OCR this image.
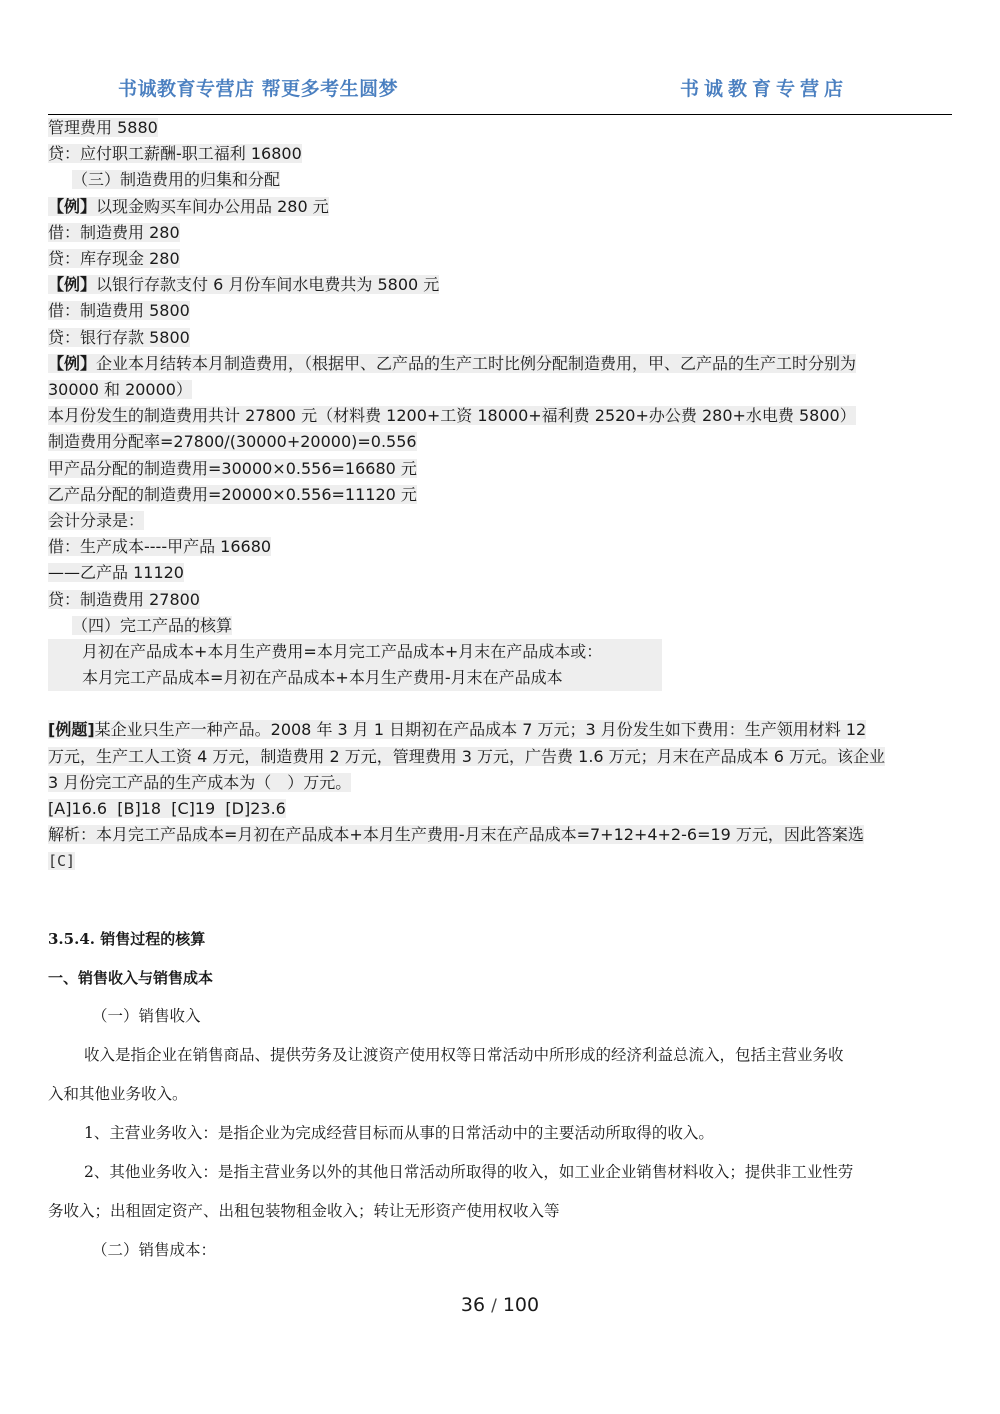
书诚教育专营店 帮更多考生圆梦	书诚教育专营店
管理费用 5880
贷：应付职工薪酬-职工福利 16800
（三）制造费用的归集和分配
【例】以现金购买车间办公用品 280 元
借：制造费用 280
贷：库存现金 280
【例】以银行存款支付 6 月份车间水电费共为 5800 元
借：制造费用 5800
贷：银行存款 5800
【例】企业本月结转本月制造费用，（根据甲、乙产品的生产工时比例分配制造费用，甲、乙产品的生产工时分别为
30000 和 20000）
本月份发生的制造费用共计 27800 元（材料费 1200+工资 18000+福利费 2520+办公费 280+水电费 5800）
制造费用分配率=27800/(30000+20000)=0.556
甲产品分配的制造费用=30000×0.556=16680 元
乙产品分配的制造费用=20000×0.556=11120 元
会计分录是：
借：生产成本----甲产品 16680
——乙产品 11120
贷：制造费用 27800
（四）完工产品的核算
月初在产品成本+本月生产费用=本月完工产品成本+月末在产品成本或：
本月完工产品成本=月初在产品成本+本月生产费用-月末在产品成本
[例题]某企业只生产一种产品。2008 年 3 月 1 日期初在产品成本 7 万元；3 月份发生如下费用：生产领用材料 12
万元，生产工人工资 4 万元，制造费用 2 万元，管理费用 3 万元，广告费 1.6 万元；月末在产品成本 6 万元。该企业
3 月份完工产品的生产成本为（　）万元。
[A]16.6  [B]18  [C]19  [D]23.6
解析：本月完工产品成本=月初在产品成本+本月生产费用-月末在产品成本=7+12+4+2-6=19 万元，因此答案选
[C]
3.5.4. 销售过程的核算
一、销售收入与销售成本
（一）销售收入
收入是指企业在销售商品、提供劳务及让渡资产使用权等日常活动中所形成的经济利益总流入，包括主营业务收
入和其他业务收入。
1、主营业务收入：是指企业为完成经营目标而从事的日常活动中的主要活动所取得的收入。
2、其他业务收入：是指主营业务以外的其他日常活动所取得的收入，如工业企业销售材料收入；提供非工业性劳
务收入；出租固定资产、出租包装物租金收入；转让无形资产使用权收入等
（二）销售成本：
36 / 100
